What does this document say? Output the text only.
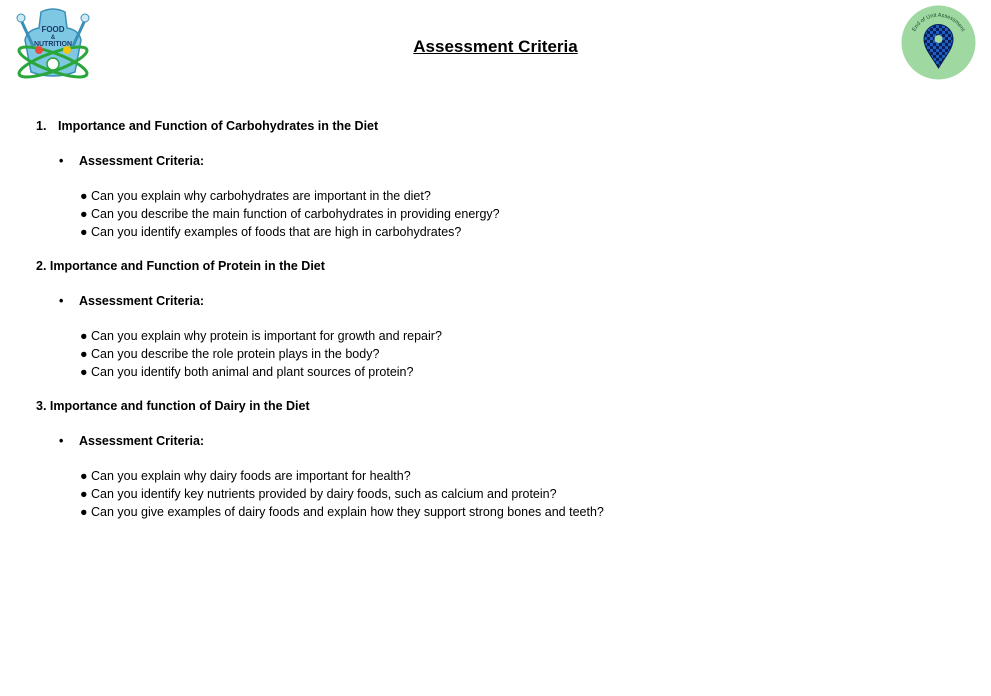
FOOD
&
NUTRITION
End of Unit Assessment
Assessment Criteria
1. Importance and Function of Carbohydrates in the Diet
• Assessment Criteria:
● Can you explain why carbohydrates are important in the diet?
● Can you describe the main function of carbohydrates in providing energy?
● Can you identify examples of foods that are high in carbohydrates?
2. Importance and Function of Protein in the Diet
• Assessment Criteria:
● Can you explain why protein is important for growth and repair?
● Can you describe the role protein plays in the body?
● Can you identify both animal and plant sources of protein?
3. Importance and function of Dairy in the Diet
• Assessment Criteria:
● Can you explain why dairy foods are important for health?
● Can you identify key nutrients provided by dairy foods, such as calcium and protein?
● Can you give examples of dairy foods and explain how they support strong bones and teeth?
